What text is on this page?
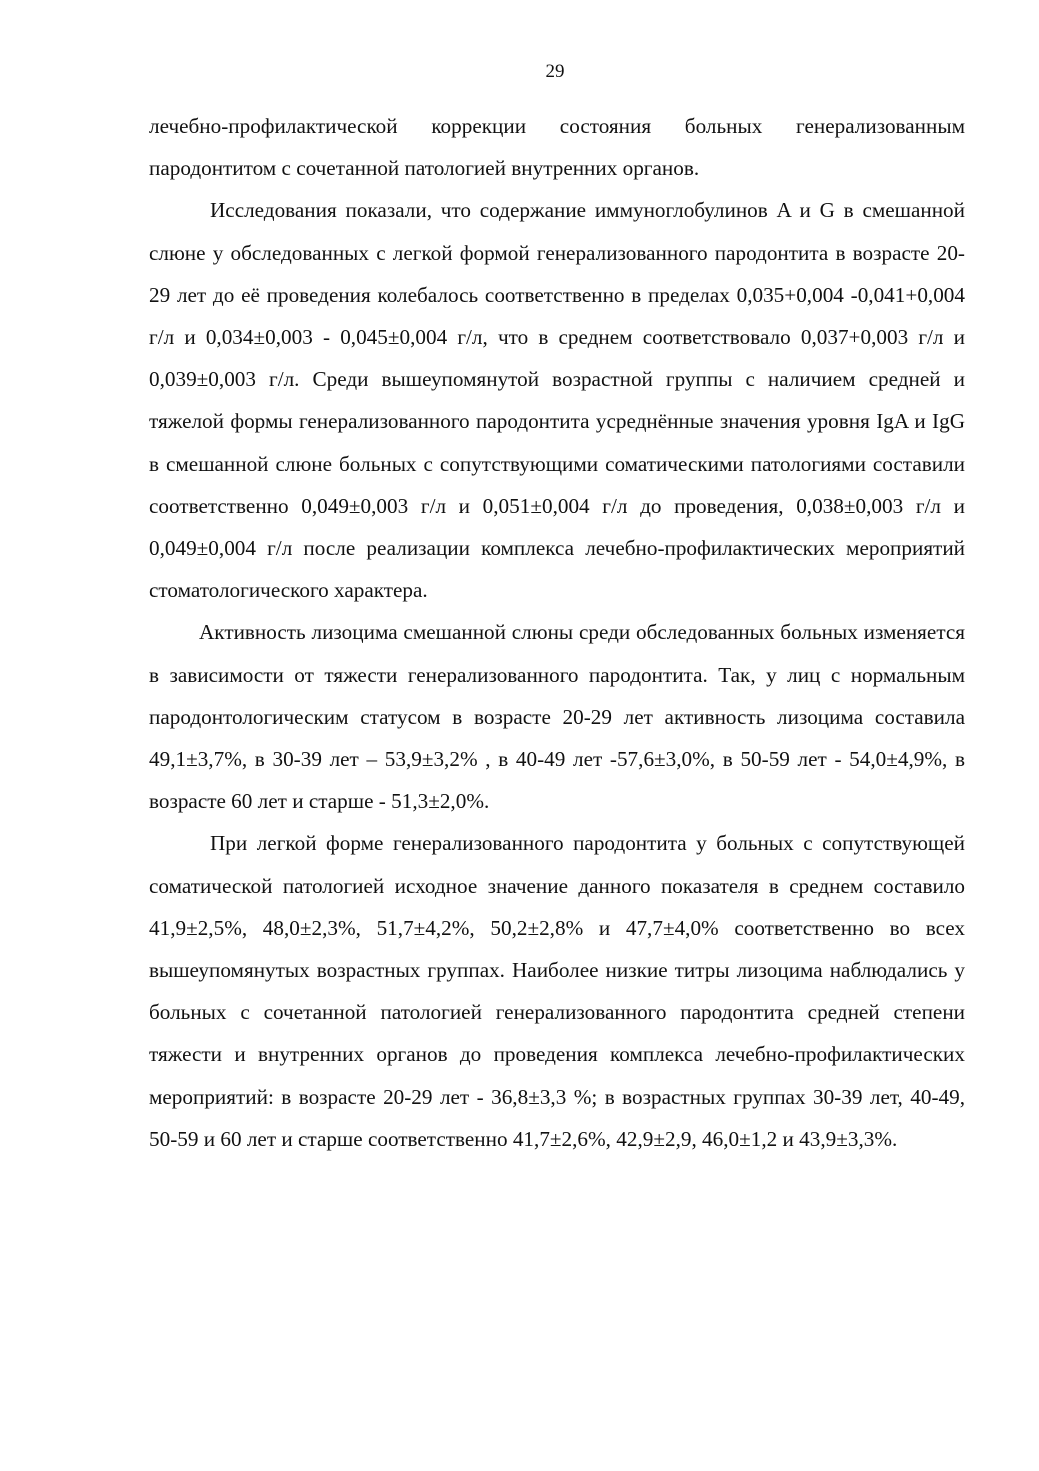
29

лечебно-профилактической коррекции состояния больных генерализованным пародонтитом с сочетанной патологией внутренних органов.

Исследования показали, что содержание иммуноглобулинов A и G в смешанной слюне у обследованных с легкой формой генерализованного пародонтита в возрасте 20-29 лет до её проведения колебалось соответственно в пределах 0,035+0,004 -0,041+0,004 г/л и 0,034±0,003 - 0,045±0,004 г/л, что в среднем соответствовало 0,037+0,003 г/л и 0,039±0,003 г/л. Среди вышеупомянутой возрастной группы с наличием средней и тяжелой формы генерализованного пародонтита усреднённые значения уровня IgA и IgG в смешанной слюне больных с сопутствующими соматическими патологиями составили соответственно 0,049±0,003 г/л и 0,051±0,004 г/л до проведения, 0,038±0,003 г/л и 0,049±0,004 г/л после реализации комплекса лечебно-профилактических мероприятий стоматологического характера.

Активность лизоцима смешанной слюны среди обследованных больных изменяется в зависимости от тяжести генерализованного пародонтита. Так, у лиц с нормальным пародонтологическим статусом в возрасте 20-29 лет активность лизоцима составила 49,1±3,7%, в 30-39 лет – 53,9±3,2% , в 40-49 лет -57,6±3,0%, в 50-59 лет - 54,0±4,9%, в возрасте 60 лет и старше - 51,3±2,0%.

При легкой форме генерализованного пародонтита у больных с сопутствующей соматической патологией исходное значение данного показателя в среднем составило 41,9±2,5%, 48,0±2,3%, 51,7±4,2%, 50,2±2,8% и 47,7±4,0% соответственно во всех вышеупомянутых возрастных группах. Наиболее низкие титры лизоцима наблюдались у больных с сочетанной патологией генерализованного пародонтита средней степени тяжести и внутренних органов до проведения комплекса лечебно-профилактических мероприятий: в возрасте 20-29 лет - 36,8±3,3 %; в возрастных группах 30-39 лет, 40-49, 50-59 и 60 лет и старше соответственно 41,7±2,6%, 42,9±2,9, 46,0±1,2 и 43,9±3,3%.
